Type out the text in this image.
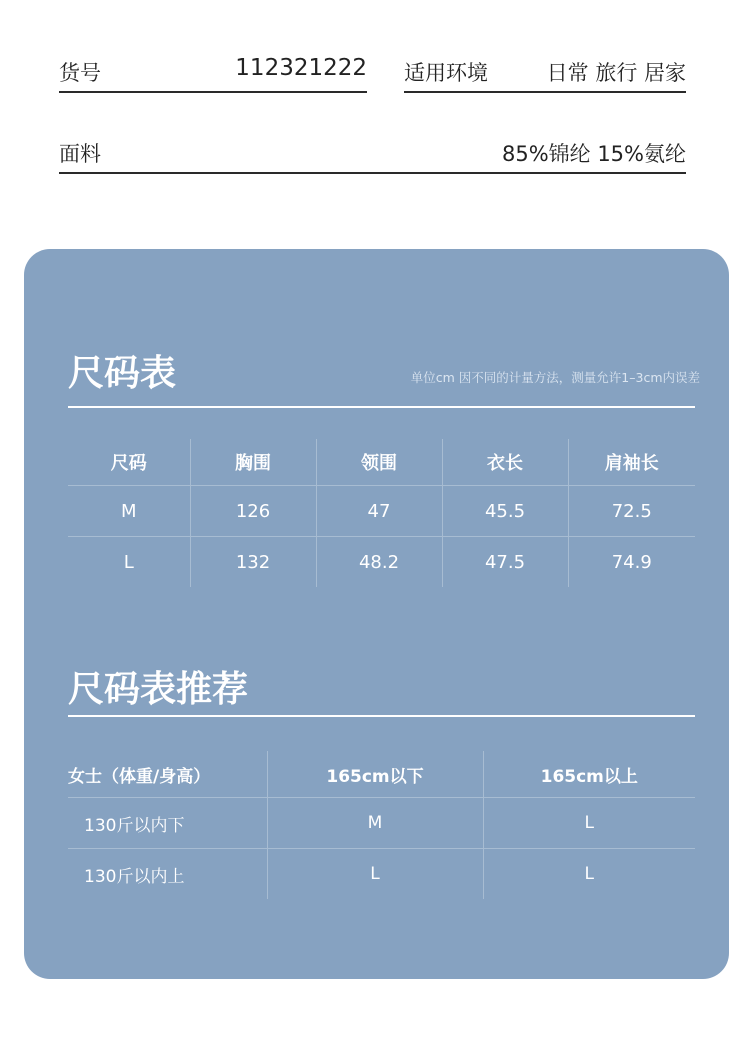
货号	112321222 适用环境	日常 旅行 居家
面料	85%锦纶 15%氨纶
尺码表	单位cm 因不同的计量方法，测量允许1–3cm内误差
尺码	胸围	领围	衣长	肩袖长
M	126	47	45.5	72.5
L	132	48.2	47.5	74.9
尺码表推荐
女士（体重/身高）	165cm以下	165cm以上
130斤以内下	M	L
130斤以内上	L	L
